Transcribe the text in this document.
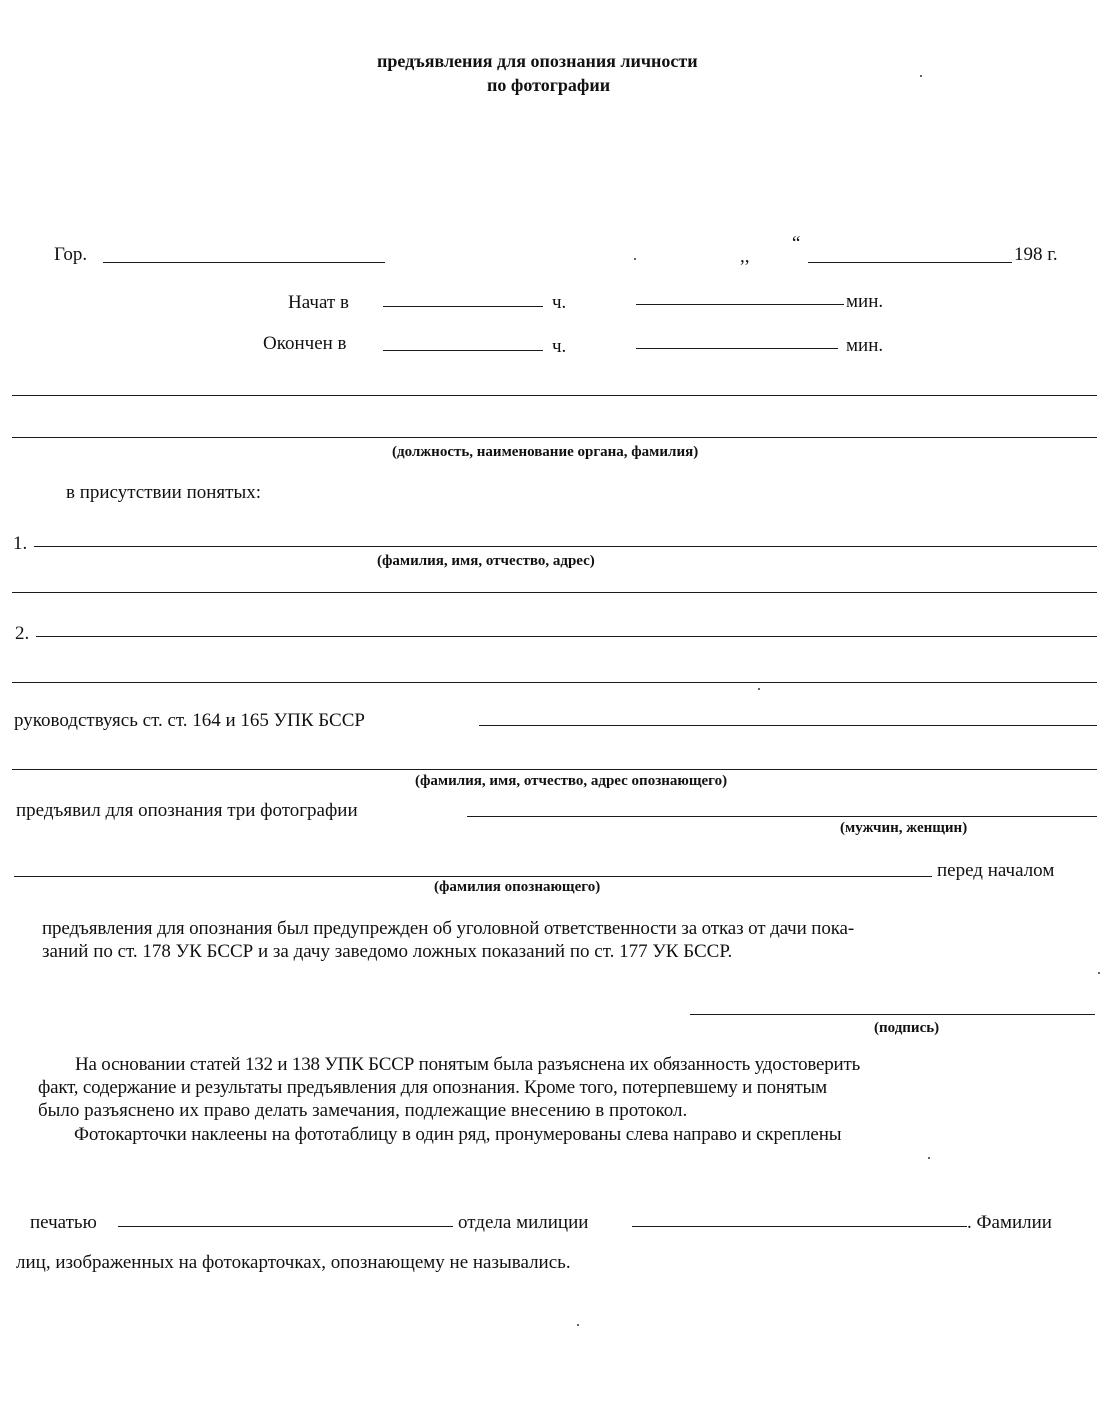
предъявления для опознания личности
по фотографии
Гор.	,,
“
198 г.
Начат в	ч.	мин.
Окончен в	ч.	мин.
(должность, наименование органа, фамилия)
в присутствии понятых:
1.
(фамилия, имя, отчество, адрес)
2.
руководствуясь ст. ст. 164 и 165 УПК БССР
(фамилия, имя, отчество, адрес опознающего)
предъявил для опознания три фотографии
(мужчин, женщин)
перед началом
(фамилия опознающего)
предъявления для опознания был предупрежден об уголовной ответственности за отказ от дачи пока-
заний по ст. 178 УК БССР и за дачу заведомо ложных показаний по ст. 177 УК БССР.
(подпись)
На основании статей 132 и 138 УПК БССР понятым была разъяснена их обязанность удостоверить
факт, содержание и результаты предъявления для опознания. Кроме того, потерпевшему и понятым
было разъяснено их право делать замечания, подлежащие внесению в протокол.
Фотокарточки наклеены на фототаблицу в один ряд, пронумерованы слева направо и скреплены
печатью	отдела милиции	. Фамилии
лиц, изображенных на фотокарточках, опознающему не назывались.
